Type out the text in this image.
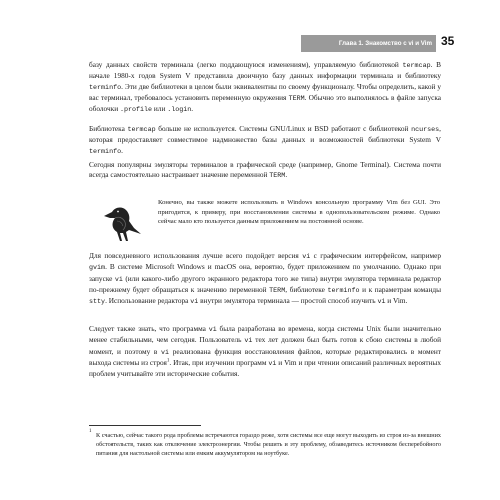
Глава 1. Знакомство с vi и Vim 35

базу данных свойств терминала (легко поддающуюся изменениям), управляемую библиотекой termcap. В начале 1980-х годов System V представила двоичную базу данных информации терминала и библиотеку terminfo. Эти две библиотеки в целом были эквивалентны по своему функционалу. Чтобы определить, какой у вас терминал, требовалось установить переменную окружения TERM. Обычно это выполнялось в файле запуска оболочки .profile или .login.

Библиотека termcap больше не используется. Системы GNU/Linux и BSD работают с библиотекой ncurses, которая предоставляет совместимое надмножество базы данных и возможностей библиотеки System V terminfo.

Сегодня популярны эмуляторы терминалов в графической среде (например, Gnome Terminal). Система почти всегда самостоятельно настраивает значение переменной TERM.

Конечно, вы также можете использовать в Windows консольную программу Vim без GUI. Это пригодится, к примеру, при восстановлении системы в однопользовательском режиме. Однако сейчас мало кто пользуется данным приложением на постоянной основе.

Для повседневного использования лучше всего подойдет версия vi с графическим интерфейсом, например gvim. В системе Microsoft Windows и macOS она, вероятно, будет приложением по умолчанию. Однако при запуске vi (или какого-либо другого экранного редактора того же типа) внутри эмулятора терминала редактор по-прежнему будет обращаться к значению переменной TERM, библиотеке terminfo и к параметрам команды stty. Использование редактора vi внутри эмулятора терминала — простой способ изучить vi и Vim.

Следует также знать, что программа vi была разработана во времена, когда системы Unix были значительно менее стабильными, чем сегодня. Пользователь vi тех лет должен был быть готов к сбою системы в любой момент, и поэтому в vi реализована функция восстановления файлов, которые редактировались в момент выхода системы из строя$^1$. Итак, при изучении программ vi и Vim и при чтении описаний различных вероятных проблем учитывайте эти исторические события.

1
К счастью, сейчас такого рода проблемы встречаются гораздо реже, хотя системы все еще могут выходить из строя из-за внешних обстоятельств, таких как отключение электроэнергии. Чтобы решить и эту проблему, обзаведитесь источником бесперебойного питания для настольной системы или емким аккумулятором на ноутбуке.
